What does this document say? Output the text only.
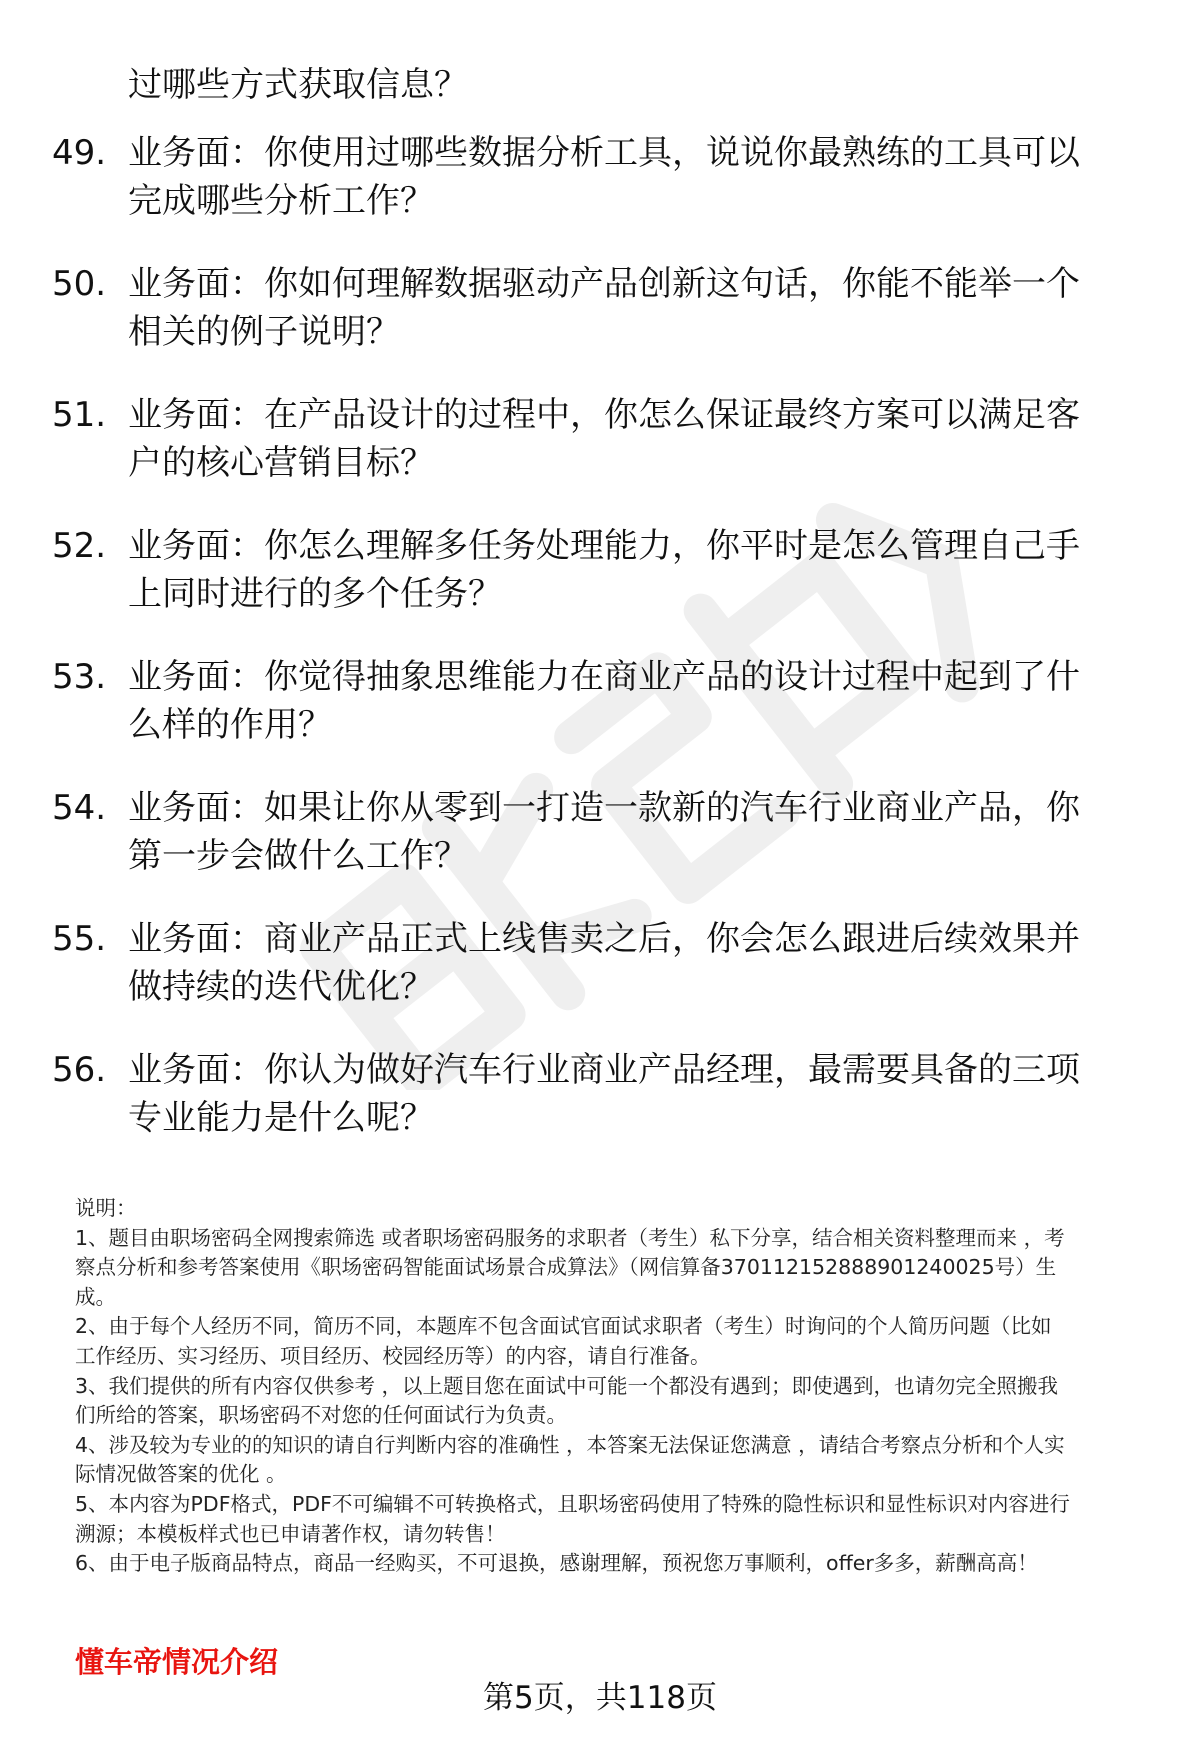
过哪些方式获取信息？
49. 业务面：你使用过哪些数据分析工具，说说你最熟练的工具可以
完成哪些分析工作？
50. 业务面：你如何理解数据驱动产品创新这句话，你能不能举一个
相关的例子说明？
51. 业务面：在产品设计的过程中，你怎么保证最终方案可以满足客
户的核心营销目标？
52. 业务面：你怎么理解多任务处理能力，你平时是怎么管理自己手
上同时进行的多个任务？
53. 业务面：你觉得抽象思维能力在商业产品的设计过程中起到了什
么样的作用？
54. 业务面：如果让你从零到一打造一款新的汽车行业商业产品，你
第一步会做什么工作？
55. 业务面：商业产品正式上线售卖之后，你会怎么跟进后续效果并
做持续的迭代优化？
56. 业务面：你认为做好汽车行业商业产品经理，最需要具备的三项
专业能力是什么呢？
说明：
1、题目由职场密码全网搜索筛选 或者职场密码服务的求职者（考生）私下分享，结合相关资料整理而来 ，考
察点分析和参考答案使用《职场密码智能面试场景合成算法》（网信算备370112152888901240025号）生
成。
2、由于每个人经历不同，简历不同，本题库不包含面试官面试求职者（考生）时询问的个人简历问题（比如
工作经历、实习经历、项目经历、校园经历等）的内容，请自行准备。
3、我们提供的所有内容仅供参考 ，以上题目您在面试中可能一个都没有遇到；即使遇到，也请勿完全照搬我
们所给的答案，职场密码不对您的任何面试行为负责。
4、涉及较为专业的的知识的请自行判断内容的准确性 ，本答案无法保证您满意 ，请结合考察点分析和个人实
际情况做答案的优化 。
5、本内容为PDF格式，PDF不可编辑不可转换格式，且职场密码使用了特殊的隐性标识和显性标识对内容进行
溯源；本模板样式也已申请著作权，请勿转售！
6、由于电子版商品特点，商品一经购买，不可退换，感谢理解，预祝您万事顺利，offer多多，薪酬高高！
懂车帝情况介绍
第5页，共118页
